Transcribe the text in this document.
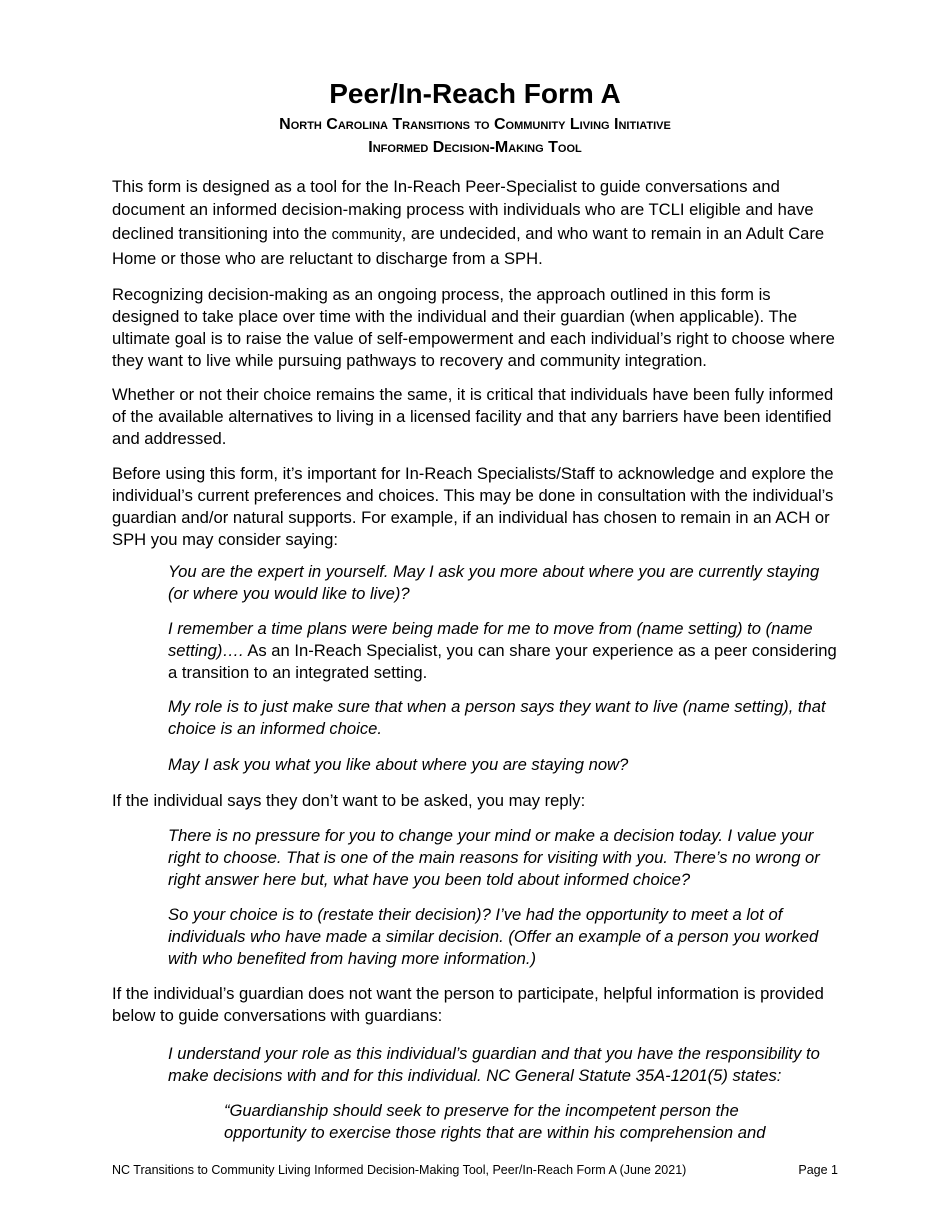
Peer/In-Reach Form A

North Carolina Transitions to Community Living Initiative

Informed Decision-Making Tool

This form is designed as a tool for the In-Reach Peer-Specialist to guide conversations and document an informed decision-making process with individuals who are TCLI eligible and have declined transitioning into the community, are undecided, and who want to remain in an Adult Care Home or those who are reluctant to discharge from a SPH.

Recognizing decision-making as an ongoing process, the approach outlined in this form is designed to take place over time with the individual and their guardian (when applicable). The ultimate goal is to raise the value of self-empowerment and each individual’s right to choose where they want to live while pursuing pathways to recovery and community integration.

Whether or not their choice remains the same, it is critical that individuals have been fully informed of the available alternatives to living in a licensed facility and that any barriers have been identified and addressed.

Before using this form, it’s important for In-Reach Specialists/Staff to acknowledge and explore the individual’s current preferences and choices. This may be done in consultation with the individual’s guardian and/or natural supports. For example, if an individual has chosen to remain in an ACH or SPH you may consider saying:

You are the expert in yourself. May I ask you more about where you are currently staying (or where you would like to live)?

I remember a time plans were being made for me to move from (name setting) to (name setting)…. As an In-Reach Specialist, you can share your experience as a peer considering a transition to an integrated setting.

My role is to just make sure that when a person says they want to live (name setting), that choice is an informed choice.

May I ask you what you like about where you are staying now?

If the individual says they don’t want to be asked, you may reply:

There is no pressure for you to change your mind or make a decision today. I value your right to choose. That is one of the main reasons for visiting with you. There’s no wrong or right answer here but, what have you been told about informed choice?

So your choice is to (restate their decision)? I’ve had the opportunity to meet a lot of individuals who have made a similar decision. (Offer an example of a person you worked with who benefited from having more information.)

If the individual’s guardian does not want the person to participate, helpful information is provided below to guide conversations with guardians:

I understand your role as this individual’s guardian and that you have the responsibility to make decisions with and for this individual. NC General Statute 35A-1201(5) states:

“Guardianship should seek to preserve for the incompetent person the opportunity to exercise those rights that are within his comprehension and

NC Transitions to Community Living Informed Decision-Making Tool, Peer/In-Reach Form A (June 2021)	Page 1
